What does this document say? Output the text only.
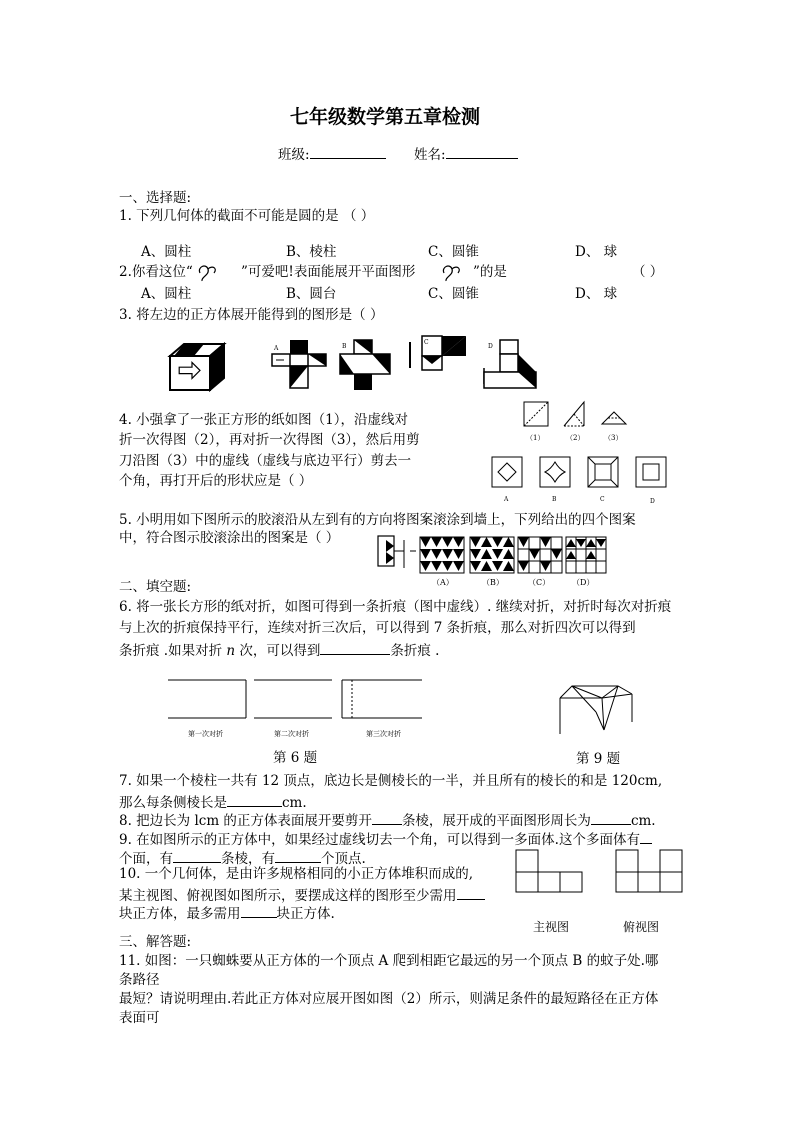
七年级数学第五章检测
班级:	姓名:
一、选择题:
1. 下列几何体的截面不可能是圆的是 （ ）
A、圆柱	B、棱柱	C、圆锥	D、 球
2.你看这位“	”可爱吧!表面能展开平面图形	”的是	（ ）
A、圆柱	B、圆台	C、圆锥	D、 球
3. 将左边的正方体展开能得到的图形是（ ）
A	B
C
D
4. 小强拿了一张正方形的纸如图（1），沿虚线对
折一次得图（2），再对折一次得图（3），然后用剪
刀沿图（3）中的虚线（虚线与底边平行）剪去一
个角，再打开后的形状应是（ ）
（1）	（2）	（3）
A	B	C	D
5. 小明用如下图所示的胶滚沿从左到有的方向将图案滚涂到墙上，下列给出的四个图案
中，符合图示胶滚涂出的图案是（ ）
（A）	（B）	（C）	（D）
二、填空题:
6. 将一张长方形的纸对折，如图可得到一条折痕（图中虚线）. 继续对折，对折时每次对折痕
与上次的折痕保持平行，连续对折三次后，可以得到 7 条折痕，那么对折四次可以得到
条折痕 .如果对折 n 次，可以得到	条折痕 .
第一次对折	第二次对折	第三次对折
第 6 题	第 9 题
7. 如果一个棱柱一共有 12 顶点，底边长是侧棱长的一半，并且所有的棱长的和是 120cm,
那么每条侧棱长是	cm.
8. 把边长为 lcm 的正方体表面展开要剪开 条棱，展开成的平面图形周长为	cm.
9. 在如图所示的正方体中，如果经过虚线切去一个角，可以得到一多面体.这个多面体有
个面，有	条棱，有	个顶点.
10. 一个几何体，是由许多规格相同的小正方体堆积而成的,
某主视图、俯视图如图所示，要摆成这样的图形至少需用
块正方体，最多需用	块正方体.
主视图	俯视图
三、解答题:
11. 如图：一只蜘蛛要从正方体的一个顶点 A 爬到相距它最远的另一个顶点 B 的蚊子处.哪
条路径
最短？请说明理由.若此正方体对应展开图如图（2）所示，则满足条件的最短路径在正方体
表面可
